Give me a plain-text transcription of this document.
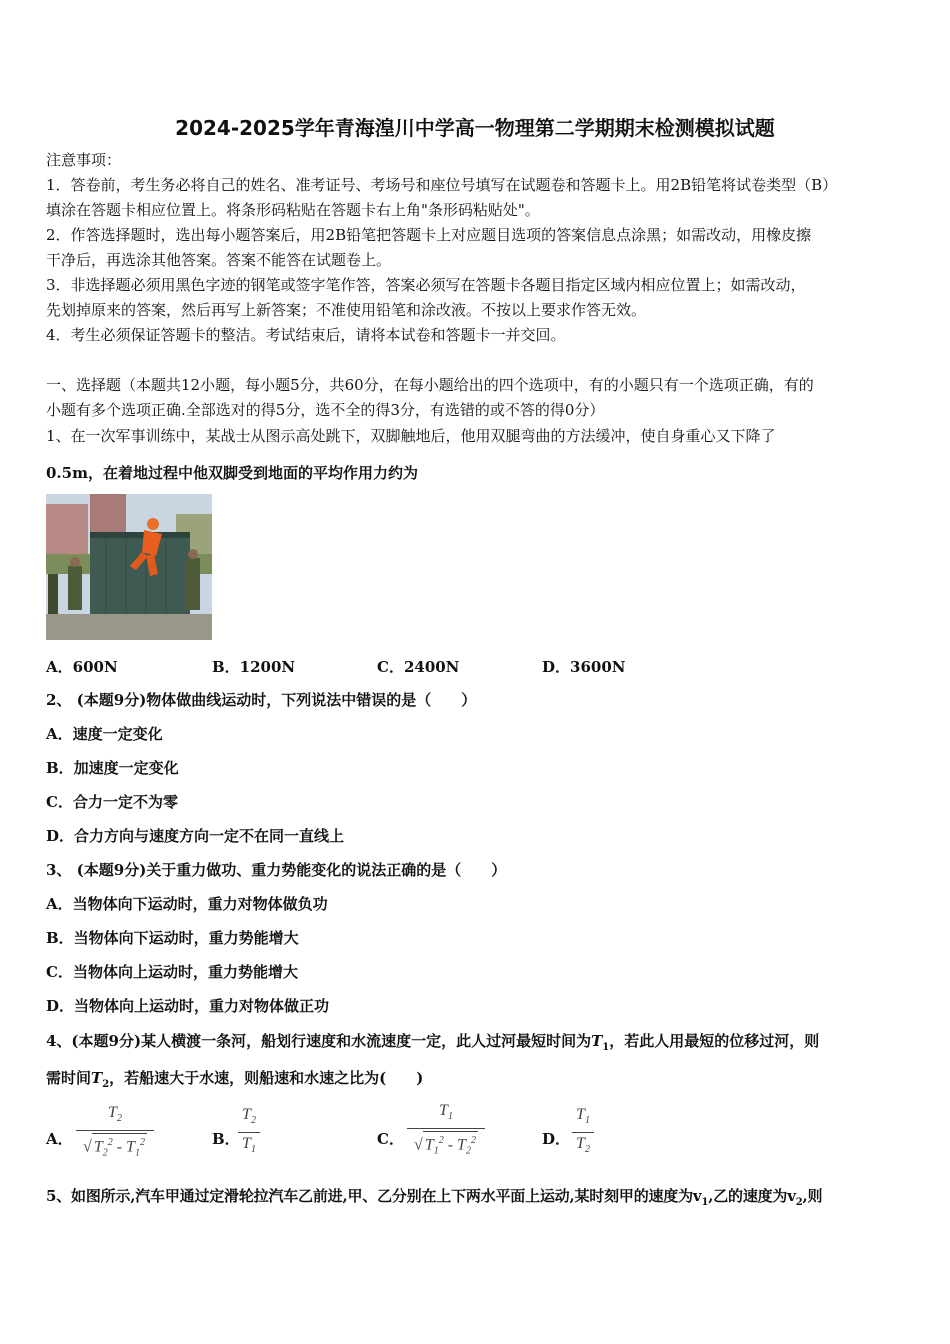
2024-2025学年青海湟川中学高一物理第二学期期末检测模拟试题
注意事项：
1．答卷前，考生务必将自己的姓名、准考证号、考场号和座位号填写在试题卷和答题卡上。用2B铅笔将试卷类型（B）
填涂在答题卡相应位置上。将条形码粘贴在答题卡右上角"条形码粘贴处"。
2．作答选择题时，选出每小题答案后，用2B铅笔把答题卡上对应题目选项的答案信息点涂黑；如需改动，用橡皮擦
干净后，再选涂其他答案。答案不能答在试题卷上。
3．非选择题必须用黑色字迹的钢笔或签字笔作答，答案必须写在答题卡各题目指定区域内相应位置上；如需改动，
先划掉原来的答案，然后再写上新答案；不准使用铅笔和涂改液。不按以上要求作答无效。
4．考生必须保证答题卡的整洁。考试结束后，请将本试卷和答题卡一并交回。
一、选择题（本题共12小题，每小题5分，共60分，在每小题给出的四个选项中，有的小题只有一个选项正确，有的
小题有多个选项正确.全部选对的得5分，选不全的得3分，有选错的或不答的得0分）
1、在一次军事训练中，某战士从图示高处跳下，双脚触地后，他用双腿弯曲的方法缓冲，使自身重心又下降了
0.5m，在着地过程中他双脚受到地面的平均作用力约为
A．600N	B．1200N	C．2400N	D．3600N
2、 (本题9分)物体做曲线运动时，下列说法中错误的是（　　）
A．速度一定变化
B．加速度一定变化
C．合力一定不为零
D．合力方向与速度方向一定不在同一直线上
3、 (本题9分)关于重力做功、重力势能变化的说法正确的是（　　）
A．当物体向下运动时，重力对物体做负功
B．当物体向下运动时，重力势能增大
C．当物体向上运动时，重力势能增大
D．当物体向上运动时，重力对物体做正功
4、(本题9分)某人横渡一条河，船划行速度和水流速度一定，此人过河最短时间为$T_1$，若此人用最短的位移过河，则
需时间$T_2$，若船速大于水速，则船速和水速之比为(　　)
A．
$T_2$
√ $T_2^2 - T_1^2$	B．
$T_2$
$T_1$
C．
$T_1$
√ $T_1^2 - T_2^2$	D．
$T_1$
$T_2$
5、如图所示,汽车甲通过定滑轮拉汽车乙前进,甲、乙分别在上下两水平面上运动,某时刻甲的速度为$v_1$,乙的速度为$v_2$,则
